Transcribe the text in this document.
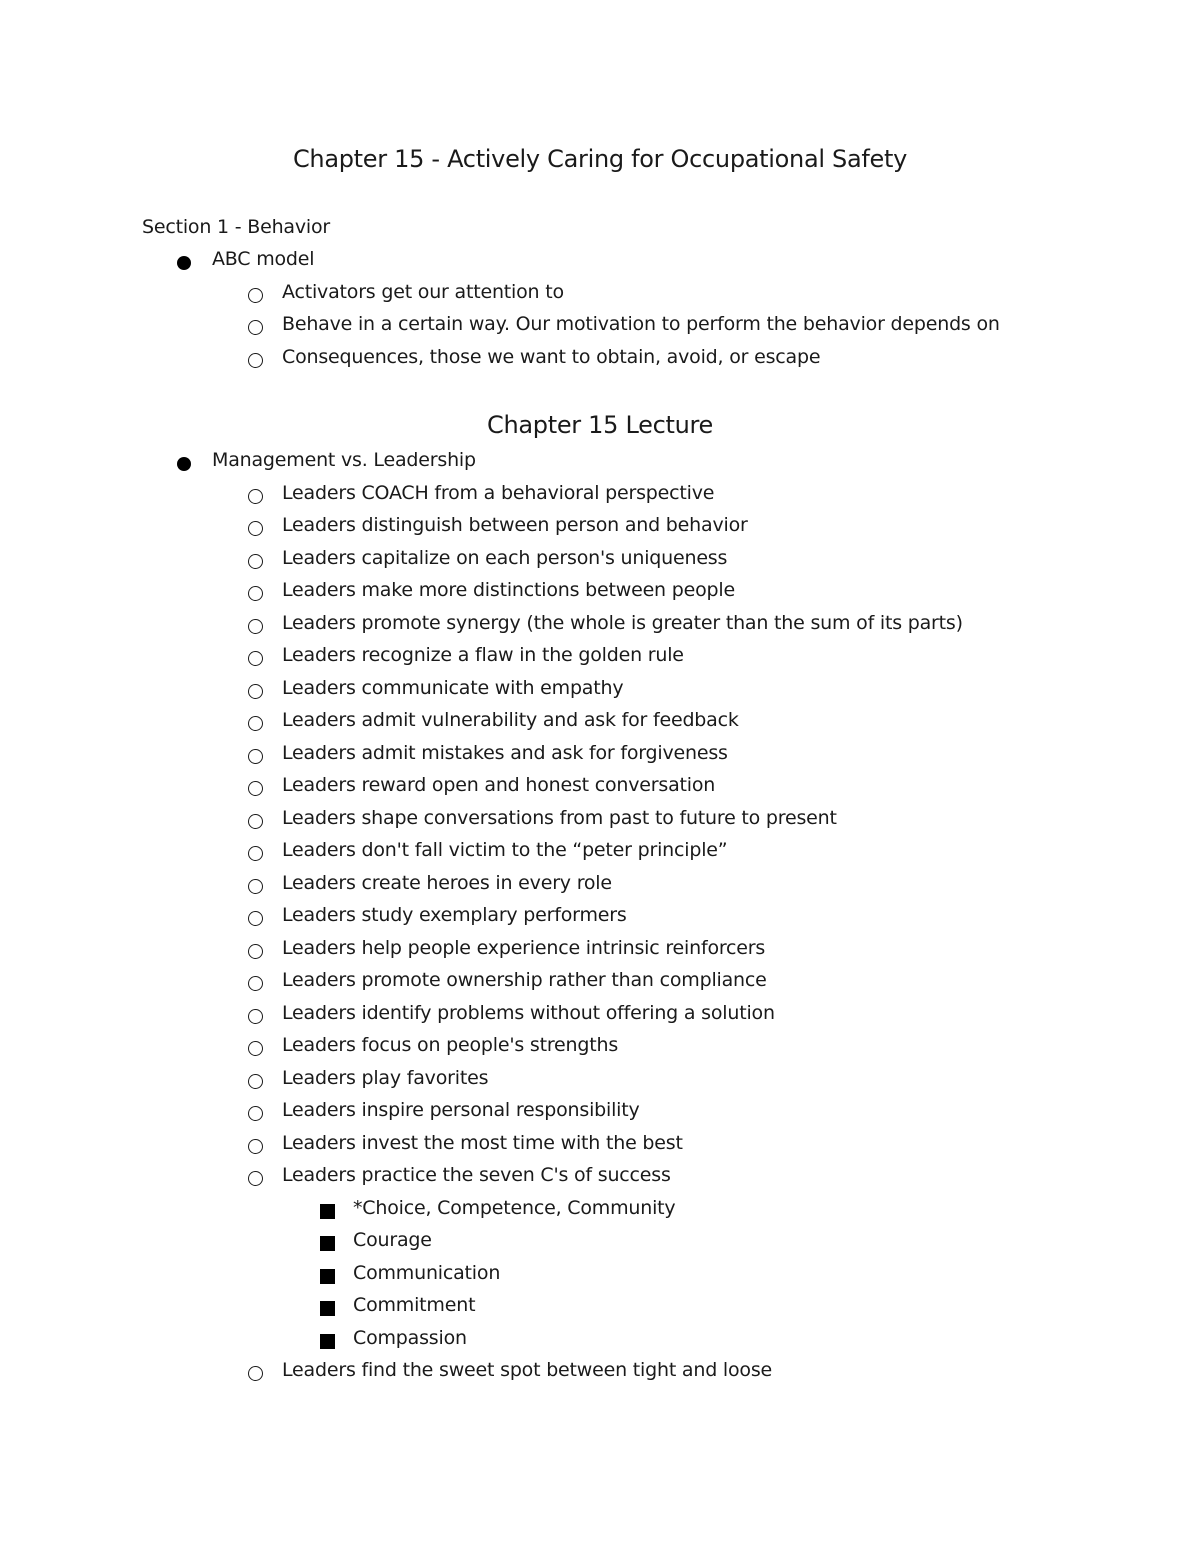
Chapter 15 - Actively Caring for Occupational Safety
Section 1 - Behavior
ABC model
Activators get our attention to
Behave in a certain way. Our motivation to perform the behavior depends on
Consequences, those we want to obtain, avoid, or escape
Chapter 15 Lecture
Management vs. Leadership
Leaders COACH from a behavioral perspective
Leaders distinguish between person and behavior
Leaders capitalize on each person's uniqueness
Leaders make more distinctions between people
Leaders promote synergy (the whole is greater than the sum of its parts)
Leaders recognize a flaw in the golden rule
Leaders communicate with empathy
Leaders admit vulnerability and ask for feedback
Leaders admit mistakes and ask for forgiveness
Leaders reward open and honest conversation
Leaders shape conversations from past to future to present
Leaders don't fall victim to the “peter principle”
Leaders create heroes in every role
Leaders study exemplary performers
Leaders help people experience intrinsic reinforcers
Leaders promote ownership rather than compliance
Leaders identify problems without offering a solution
Leaders focus on people's strengths
Leaders play favorites
Leaders inspire personal responsibility
Leaders invest the most time with the best
Leaders practice the seven C's of success
*Choice, Competence, Community
Courage
Communication
Commitment
Compassion
Leaders find the sweet spot between tight and loose
